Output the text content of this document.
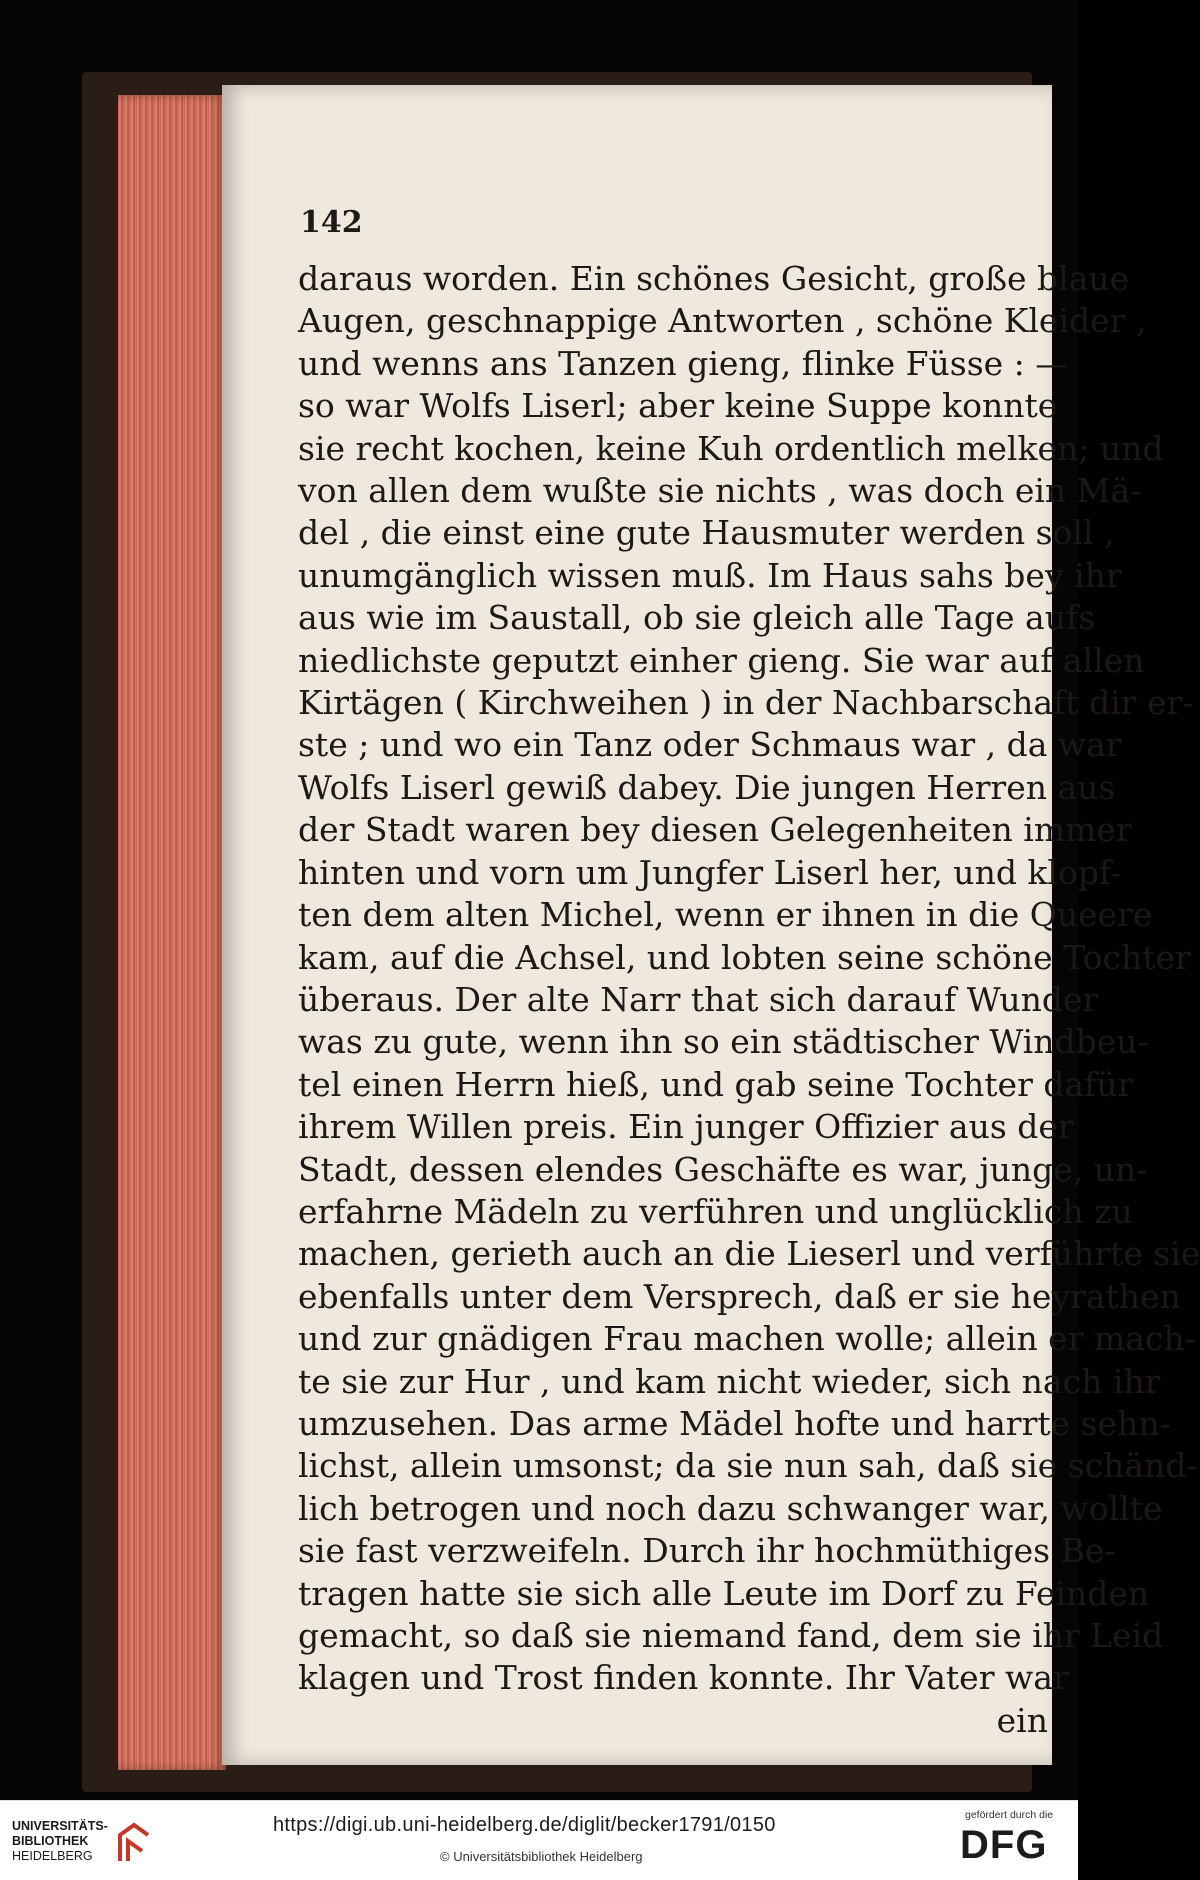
142
daraus worden. Ein schönes Gesicht, große blaue
Augen, geschnappige Antworten , schöne Kleider ,
und wenns ans Tanzen gieng, flinke Füsse : —
so war Wolfs Liserl; aber keine Suppe konnte
sie recht kochen, keine Kuh ordentlich melken; und
von allen dem wußte sie nichts , was doch ein Mä-
del , die einst eine gute Hausmuter werden soll ,
unumgänglich wissen muß. Im Haus sahs bey ihr
aus wie im Saustall, ob sie gleich alle Tage aufs
niedlichste geputzt einher gieng. Sie war auf allen
Kirtägen ( Kirchweihen ) in der Nachbarschaft dir er-
ste ; und wo ein Tanz oder Schmaus war , da war
Wolfs Liserl gewiß dabey. Die jungen Herren aus
der Stadt waren bey diesen Gelegenheiten immer
hinten und vorn um Jungfer Liserl her, und klopf-
ten dem alten Michel, wenn er ihnen in die Queere
kam, auf die Achsel, und lobten seine schöne Tochter
überaus. Der alte Narr that sich darauf Wunder
was zu gute, wenn ihn so ein städtischer Windbeu-
tel einen Herrn hieß, und gab seine Tochter dafür
ihrem Willen preis. Ein junger Offizier aus der
Stadt, dessen elendes Geschäfte es war, junge, un-
erfahrne Mädeln zu verführen und unglücklich zu
machen, gerieth auch an die Lieserl und verführte sie
ebenfalls unter dem Versprech, daß er sie heyrathen
und zur gnädigen Frau machen wolle; allein er mach-
te sie zur Hur , und kam nicht wieder, sich nach ihr
umzusehen. Das arme Mädel hofte und harrte sehn-
lichst, allein umsonst; da sie nun sah, daß sie schänd-
lich betrogen und noch dazu schwanger war, wollte
sie fast verzweifeln. Durch ihr hochmüthiges Be-
tragen hatte sie sich alle Leute im Dorf zu Feinden
gemacht, so daß sie niemand fand, dem sie ihr Leid
klagen und Trost finden konnte. Ihr Vater war
ein
UNIVERSITÄTS-
BIBLIOTHEK
HEIDELBERG
https://digi.ub.uni-heidelberg.de/diglit/becker1791/0150
© Universitätsbibliothek Heidelberg
gefördert durch die
DFG
